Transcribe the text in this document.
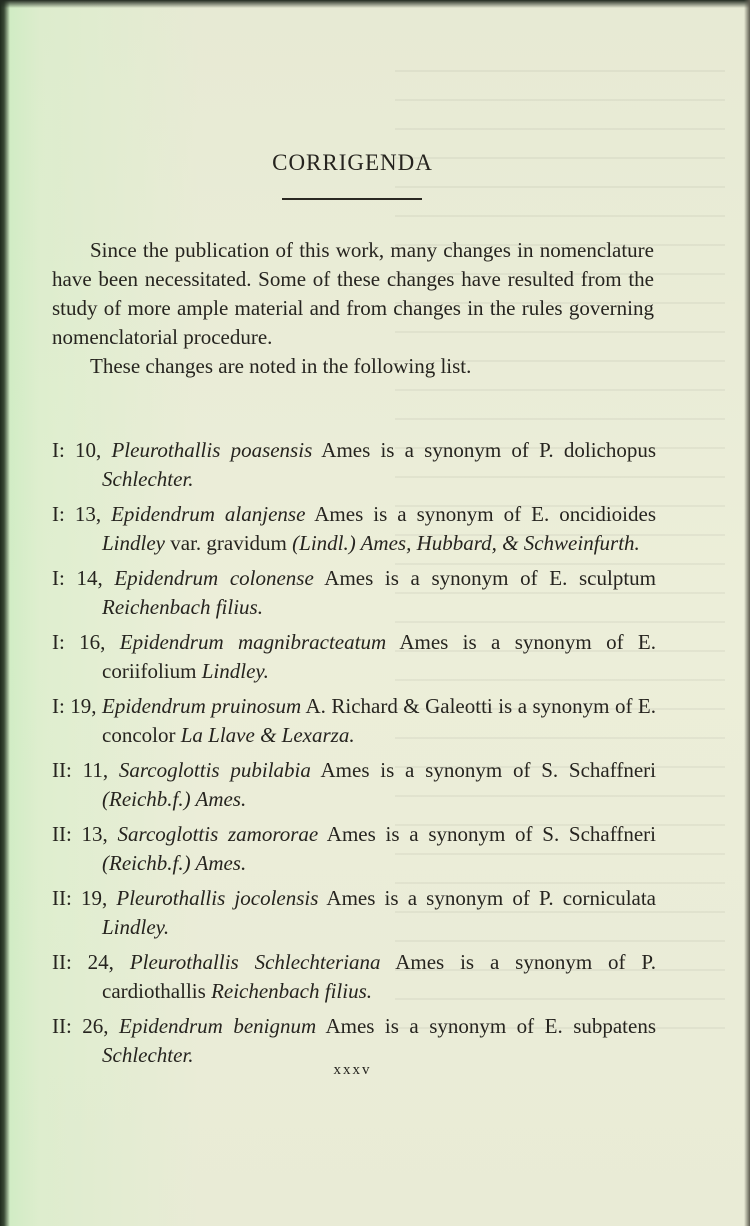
CORRIGENDA

Since the publication of this work, many changes in nomenclature have been necessitated. Some of these changes have resulted from the study of more ample material and from changes in the rules governing nomenclatorial procedure.

These changes are noted in the following list.

I: 10, Pleurothallis poasensis Ames is a synonym of P. dolichopus Schlechter.
I: 13, Epidendrum alanjense Ames is a synonym of E. oncidioides Lindley var. gravidum (Lindl.) Ames, Hubbard, & Schweinfurth.
I: 14, Epidendrum colonense Ames is a synonym of E. sculptum Reichenbach filius.
I: 16, Epidendrum magnibracteatum Ames is a synonym of E. coriifolium Lindley.
I: 19, Epidendrum pruinosum A. Richard & Galeotti is a synonym of E. concolor La Llave & Lexarza.
II: 11, Sarcoglottis pubilabia Ames is a synonym of S. Schaffneri (Reichb.f.) Ames.
II: 13, Sarcoglottis zamororae Ames is a synonym of S. Schaffneri (Reichb.f.) Ames.
II: 19, Pleurothallis jocolensis Ames is a synonym of P. corniculata Lindley.
II: 24, Pleurothallis Schlechteriana Ames is a synonym of P. cardiothallis Reichenbach filius.
II: 26, Epidendrum benignum Ames is a synonym of E. subpatens Schlechter.
xxxv
